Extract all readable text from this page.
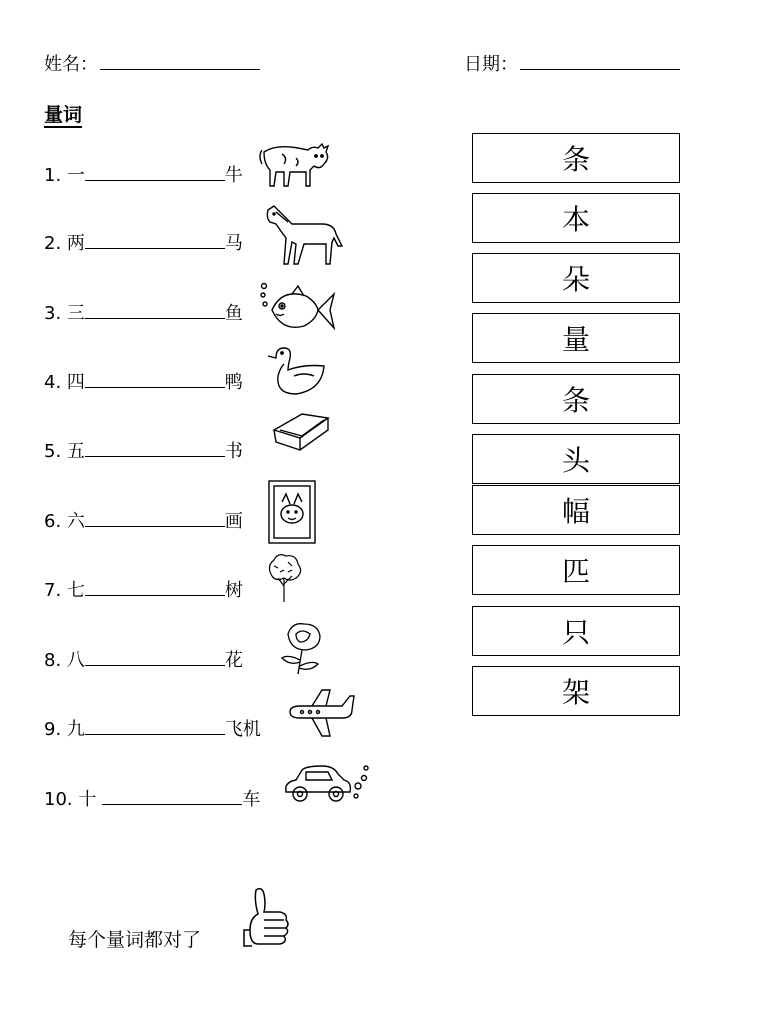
姓名：	日期：
量词
1. 一	牛
2. 两	马
3. 三	鱼
4. 四	鸭
5. 五	书
6. 六	画
7. 七	树
8. 八	花
9. 九	飞机
10. 十	车
条
本
朵
量
条
头
幅
匹
只
架
每个量词都对了
